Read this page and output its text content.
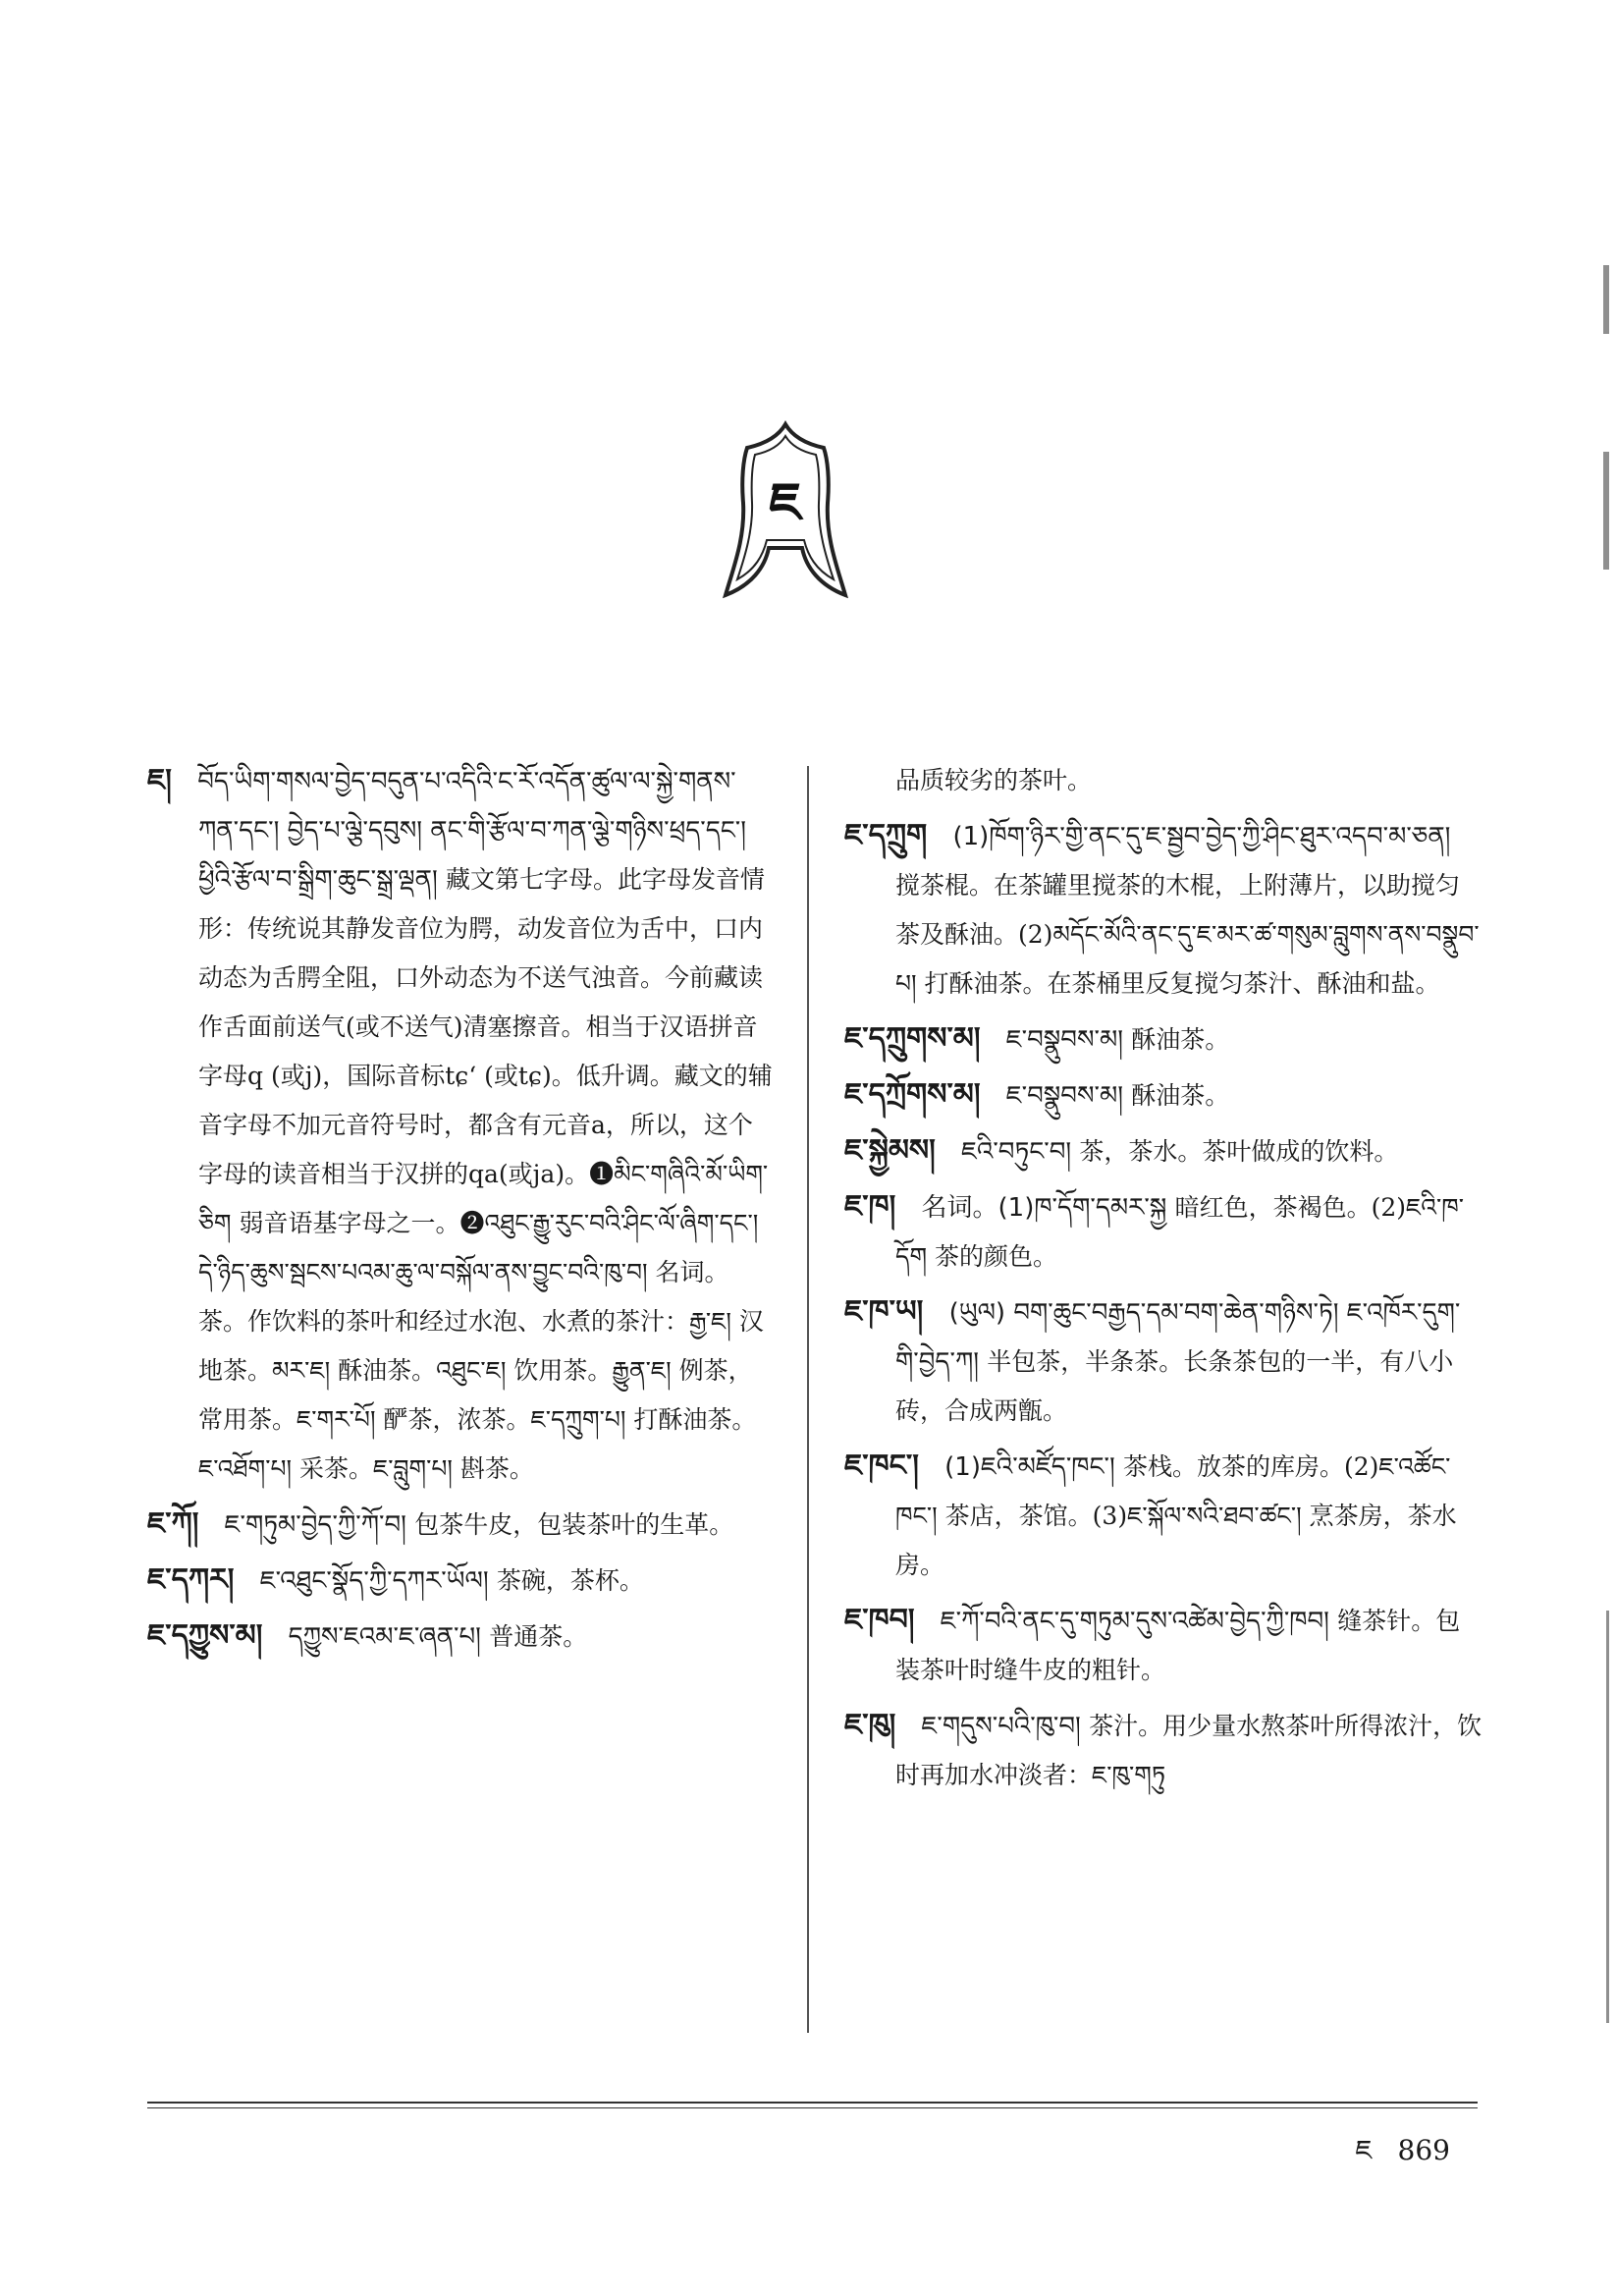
ཇ

ཇ། བོད་ཡིག་གསལ་བྱེད་བདུན་པ་འདིའི་ང་རོ་འདོན་ཚུལ་ལ་སྐྱེ་གནས་ཀན་དང་། བྱེད་པ་ལྕེ་དབུས། ནང་གི་རྩོལ་བ་ཀན་ལྕེ་གཉིས་ཕྲད་དང་། ཕྱིའི་རྩོལ་བ་སྒྲིག་ཆུང་སྒྲ་ལྡན། 藏文第七字母。此字母发音情形：传统说其静发音位为腭，动发音位为舌中，口内动态为舌腭全阻，口外动态为不送气浊音。今前藏读作舌面前送气(或不送气)清塞擦音。相当于汉语拼音字母q (或j)，国际音标tɕʻ (或tɕ)。低升调。藏文的辅音字母不加元音符号时，都含有元音a，所以，这个字母的读音相当于汉拼的qa(或ja)。❶མིང་གཞིའི་མོ་ཡིག་ཅིག 弱音语基字母之一。❷འཐུང་རྒྱུ་རུང་བའི་ཤིང་ལོ་ཞིག་དང་། དེ་ཉིད་ཆུས་སྦངས་པའམ་ཆུ་ལ་བསྐོལ་ནས་བྱུང་བའི་ཁུ་བ། 名词。茶。作饮料的茶叶和经过水泡、水煮的茶汁：རྒྱ་ཇ། 汉地茶。མར་ཇ། 酥油茶。འཐུང་ཇ། 饮用茶。རྒྱུན་ཇ། 例茶，常用茶。ཇ་གར་པོ། 酽茶，浓茶。ཇ་དཀྲུག་པ། 打酥油茶。ཇ་འཐོག་པ། 采茶。ཇ་བླུག་པ། 斟茶。

ཇ་ཀོ། ཇ་གཏུམ་བྱེད་ཀྱི་ཀོ་བ། 包茶牛皮，包装茶叶的生革。

ཇ་དཀར། ཇ་འཐུང་སྣོད་ཀྱི་དཀར་ཡོལ། 茶碗，茶杯。

ཇ་དཀྱུས་མ། དཀྱུས་ཇའམ་ཇ་ཞན་པ། 普通茶。

品质较劣的茶叶。

ཇ་དཀྲུག (1)ཁོག་ཉིར་གྱི་ནང་དུ་ཇ་སྦྱབ་བྱེད་ཀྱི་ཤིང་ཐུར་འདབ་མ་ཅན། 搅茶棍。在茶罐里搅茶的木棍，上附薄片，以助搅匀茶及酥油。(2)མདོང་མོའི་ནང་དུ་ཇ་མར་ཚ་གསུམ་བླུགས་ནས་བསྣུབ་པ། 打酥油茶。在茶桶里反复搅匀茶汁、酥油和盐。

ཇ་དཀྲུགས་མ། ཇ་བསྣུབས་མ། 酥油茶。

ཇ་དཀྲོགས་མ། ཇ་བསྣུབས་མ། 酥油茶。

ཇ་སྐྱེམས། ཇའི་བཏུང་བ། 茶，茶水。茶叶做成的饮料。

ཇ་ཁ། 名词。(1)ཁ་དོག་དམར་སྐྱ 暗红色，茶褐色。(2)ཇའི་ཁ་དོག 茶的颜色。

ཇ་ཁ་ཡ། (ཡུལ) བག་ཆུང་བརྒྱད་དམ་བག་ཆེན་གཉིས་ཏེ། ཇ་འཁོར་དུག་གི་བྱེད་ཀ། 半包茶，半条茶。长条茶包的一半，有八小砖，合成两甑。

ཇ་ཁང་། (1)ཇའི་མཛོད་ཁང་། 茶栈。放茶的库房。(2)ཇ་འཚོང་ཁང་། 茶店，茶馆。(3)ཇ་སྐོལ་སའི་ཐབ་ཚང་། 烹茶房，茶水房。

ཇ་ཁབ། ཇ་ཀོ་བའི་ནང་དུ་གཏུམ་དུས་འཚེམ་བྱེད་ཀྱི་ཁབ། 缝茶针。包装茶叶时缝牛皮的粗针。

ཇ་ཁུ། ཇ་གདུས་པའི་ཁུ་བ། 茶汁。用少量水熬茶叶所得浓汁，饮时再加水冲淡者：ཇ་ཁུ་གཏུ

ཇ 869
